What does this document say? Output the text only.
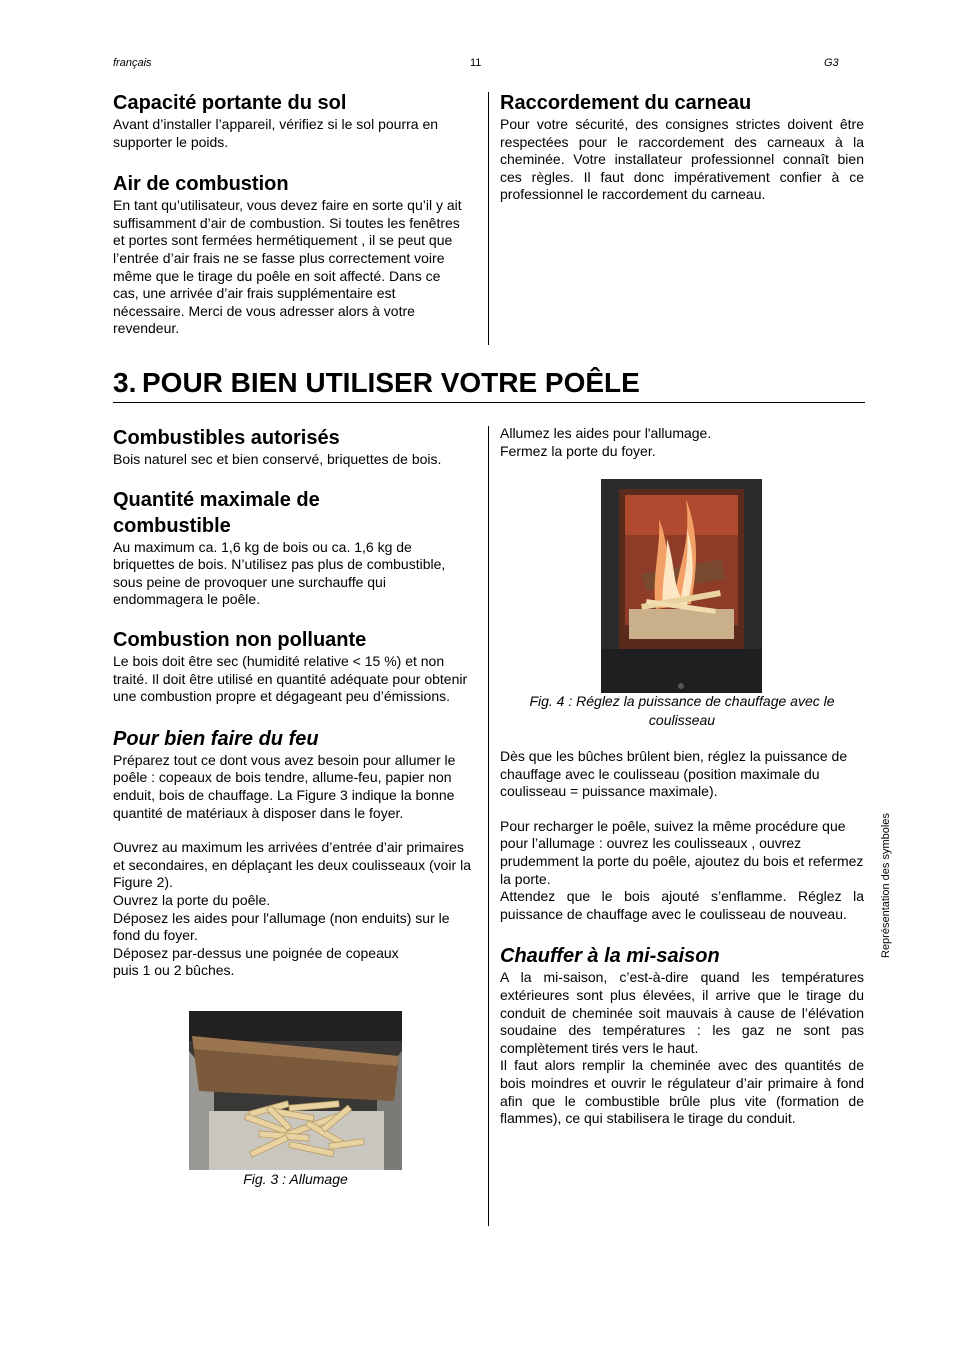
français	11	G3
Capacité portante du sol

Avant d’installer l’appareil, vérifiez si le sol pourra en supporter le poids.

Air de combustion

En tant qu’utilisateur, vous devez faire en sorte qu’il y ait suffisamment d’air de combustion. Si toutes les fenêtres et portes sont fermées hermétiquement , il se peut que l’entrée d’air frais ne se fasse plus correctement voire même que le tirage du poêle en soit affecté. Dans ce cas, une arrivée d’air frais supplémentaire est nécessaire. Merci de vous adresser alors à votre revendeur.

Raccordement du carneau

Pour votre sécurité, des consignes strictes doivent être respectées pour le raccordement des carneaux à la cheminée. Votre installateur professionnel connaît bien ces règles. Il faut donc impérativement confier à ce professionnel le raccordement du carneau.

3. POUR BIEN UTILISER VOTRE POÊLE
Combustibles autorisés

Bois naturel sec et bien conservé, briquettes de bois.

Quantité maximale de combustible

Au maximum ca. 1,6 kg de bois ou ca. 1,6 kg de briquettes de bois. N’utilisez pas plus de combustible, sous peine de provoquer une surchauffe qui endommagera le poêle.

Combustion non polluante

Le bois doit être sec (humidité relative < 15 %) et non traité. Il doit être utilisé en quantité adéquate pour obtenir une combustion propre et dégageant peu d’émissions.

Pour bien faire du feu

Préparez tout ce dont vous avez besoin pour allumer le poêle : copeaux de bois tendre, allume-feu, papier non enduit, bois de chauffage. La Figure 3 indique la bonne quantité de matériaux à disposer dans le foyer.

Ouvrez au maximum les arrivées d’entrée d’air primaires et secondaires, en déplaçant les deux coulisseaux (voir la Figure 2).
Ouvrez la porte du poêle.
Déposez les aides pour l'allumage (non enduits) sur le fond du foyer.
Déposez par-dessus une poignée de copeaux
puis 1 ou 2 bûches.

Fig. 3 : Allumage

Allumez les aides pour l'allumage.
Fermez la porte du foyer.

Fig. 4 : Réglez la puissance de chauffage avec le coulisseau

Dès que les bûches brûlent bien, réglez la puissance de chauffage avec le coulisseau (position maximale du coulisseau = puissance maximale).

Pour recharger le poêle, suivez la même procédure que pour l’allumage : ouvrez les coulisseaux , ouvrez prudemment la porte du poêle, ajoutez du bois et refermez la porte.

Attendez que le bois ajouté s’enflamme. Réglez la puissance de chauffage avec le coulisseau de nouveau.

Chauffer à la mi-saison

A la mi-saison, c’est-à-dire quand les températures extérieures sont plus élevées, il arrive que le tirage du conduit de cheminée soit mauvais à cause de l’élévation soudaine des températures : les gaz ne sont pas complètement tirés vers le haut.
Il faut alors remplir la cheminée avec des quantités de bois moindres et ouvrir le régulateur d’air primaire à fond afin que le combustible brûle plus vite (formation de flammes), ce qui stabilisera le tirage du conduit.

Représentation des symboles
